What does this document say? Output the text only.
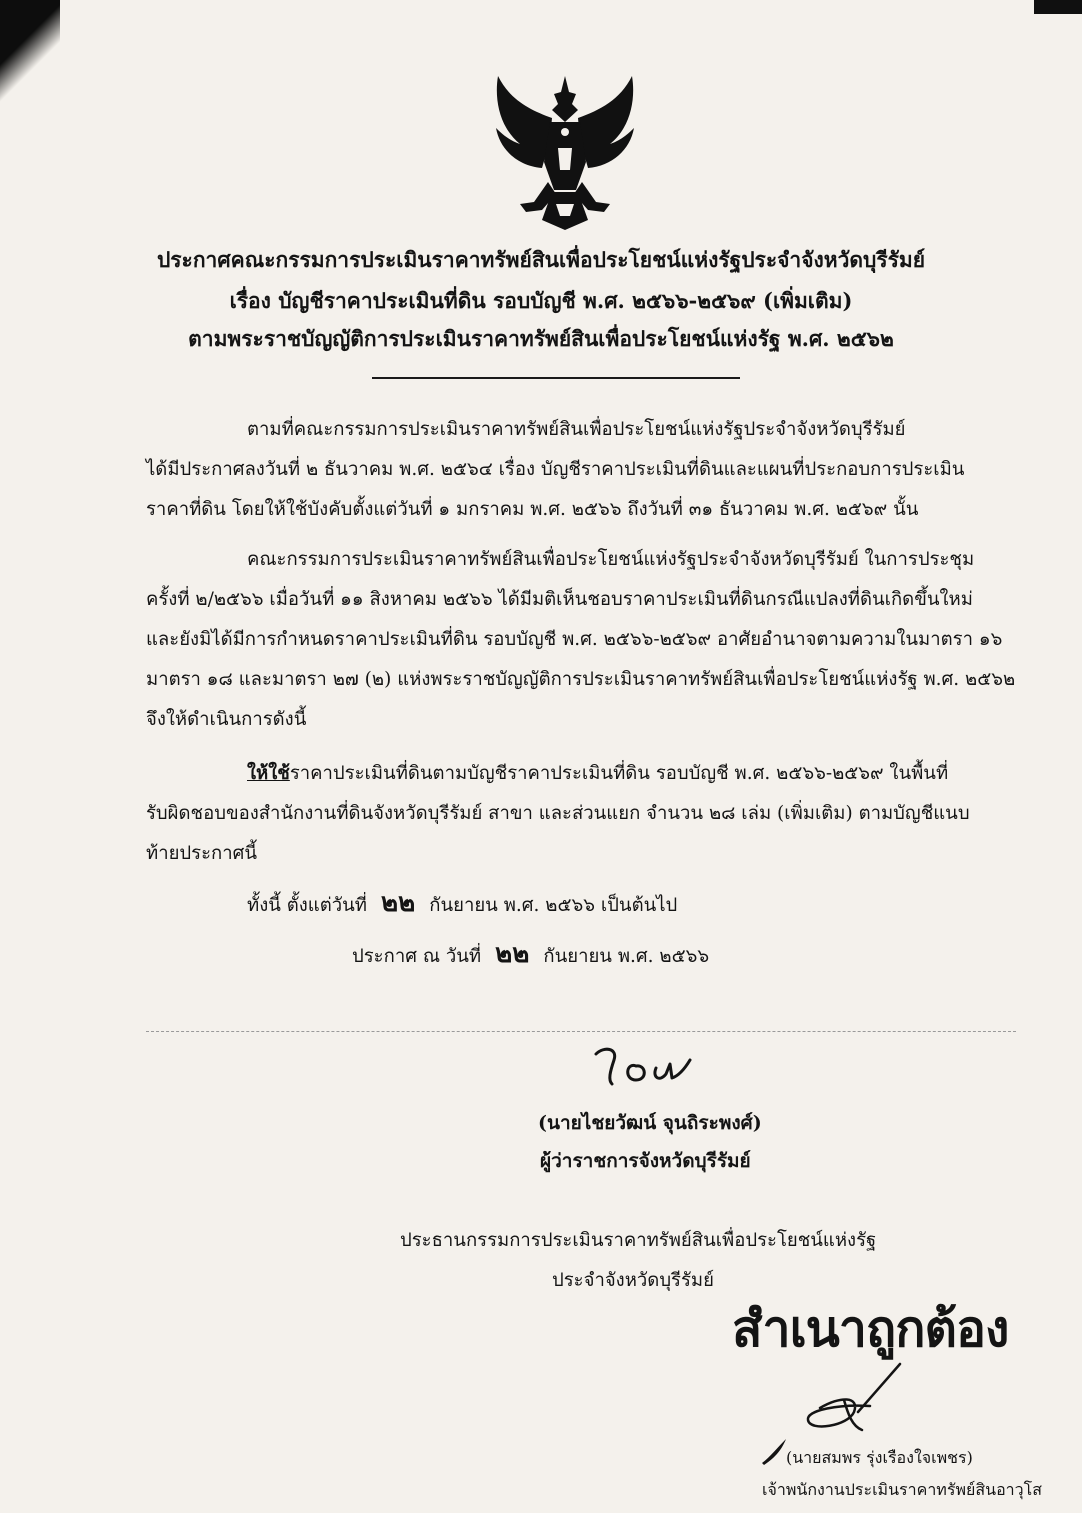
ประกาศคณะกรรมการประเมินราคาทรัพย์สินเพื่อประโยชน์แห่งรัฐประจำจังหวัดบุรีรัมย์
เรื่อง บัญชีราคาประเมินที่ดิน รอบบัญชี พ.ศ. ๒๕๖๖-๒๕๖๙ (เพิ่มเติม)
ตามพระราชบัญญัติการประเมินราคาทรัพย์สินเพื่อประโยชน์แห่งรัฐ พ.ศ. ๒๕๖๒
ตามที่คณะกรรมการประเมินราคาทรัพย์สินเพื่อประโยชน์แห่งรัฐประจำจังหวัดบุรีรัมย์
ได้มีประกาศลงวันที่ ๒ ธันวาคม พ.ศ. ๒๕๖๔ เรื่อง บัญชีราคาประเมินที่ดินและแผนที่ประกอบการประเมิน
ราคาที่ดิน โดยให้ใช้บังคับตั้งแต่วันที่ ๑ มกราคม พ.ศ. ๒๕๖๖ ถึงวันที่ ๓๑ ธันวาคม พ.ศ. ๒๕๖๙ นั้น
คณะกรรมการประเมินราคาทรัพย์สินเพื่อประโยชน์แห่งรัฐประจำจังหวัดบุรีรัมย์ ในการประชุม
ครั้งที่ ๒/๒๕๖๖ เมื่อวันที่ ๑๑ สิงหาคม ๒๕๖๖ ได้มีมติเห็นชอบราคาประเมินที่ดินกรณีแปลงที่ดินเกิดขึ้นใหม่
และยังมิได้มีการกำหนดราคาประเมินที่ดิน รอบบัญชี พ.ศ. ๒๕๖๖-๒๕๖๙ อาศัยอำนาจตามความในมาตรา ๑๖
มาตรา ๑๘ และมาตรา ๒๗ (๒) แห่งพระราชบัญญัติการประเมินราคาทรัพย์สินเพื่อประโยชน์แห่งรัฐ พ.ศ. ๒๕๖๒
จึงให้ดำเนินการดังนี้
ให้ใช้ราคาประเมินที่ดินตามบัญชีราคาประเมินที่ดิน รอบบัญชี พ.ศ. ๒๕๖๖-๒๕๖๙ ในพื้นที่
รับผิดชอบของสำนักงานที่ดินจังหวัดบุรีรัมย์ สาขา และส่วนแยก จำนวน ๒๘ เล่ม (เพิ่มเติม) ตามบัญชีแนบ
ท้ายประกาศนี้
ทั้งนี้ ตั้งแต่วันที่ ๒๒ กันยายน พ.ศ. ๒๕๖๖ เป็นต้นไป
ประกาศ ณ วันที่ ๒๒ กันยายน พ.ศ. ๒๕๖๖
(นายไชยวัฒน์ จุนถิระพงศ์)
ผู้ว่าราชการจังหวัดบุรีรัมย์
ประธานกรรมการประเมินราคาทรัพย์สินเพื่อประโยชน์แห่งรัฐ
ประจำจังหวัดบุรีรัมย์
สำเนาถูกต้อง
(นายสมพร รุ่งเรืองใจเพชร)
เจ้าพนักงานประเมินราคาทรัพย์สินอาวุโส
